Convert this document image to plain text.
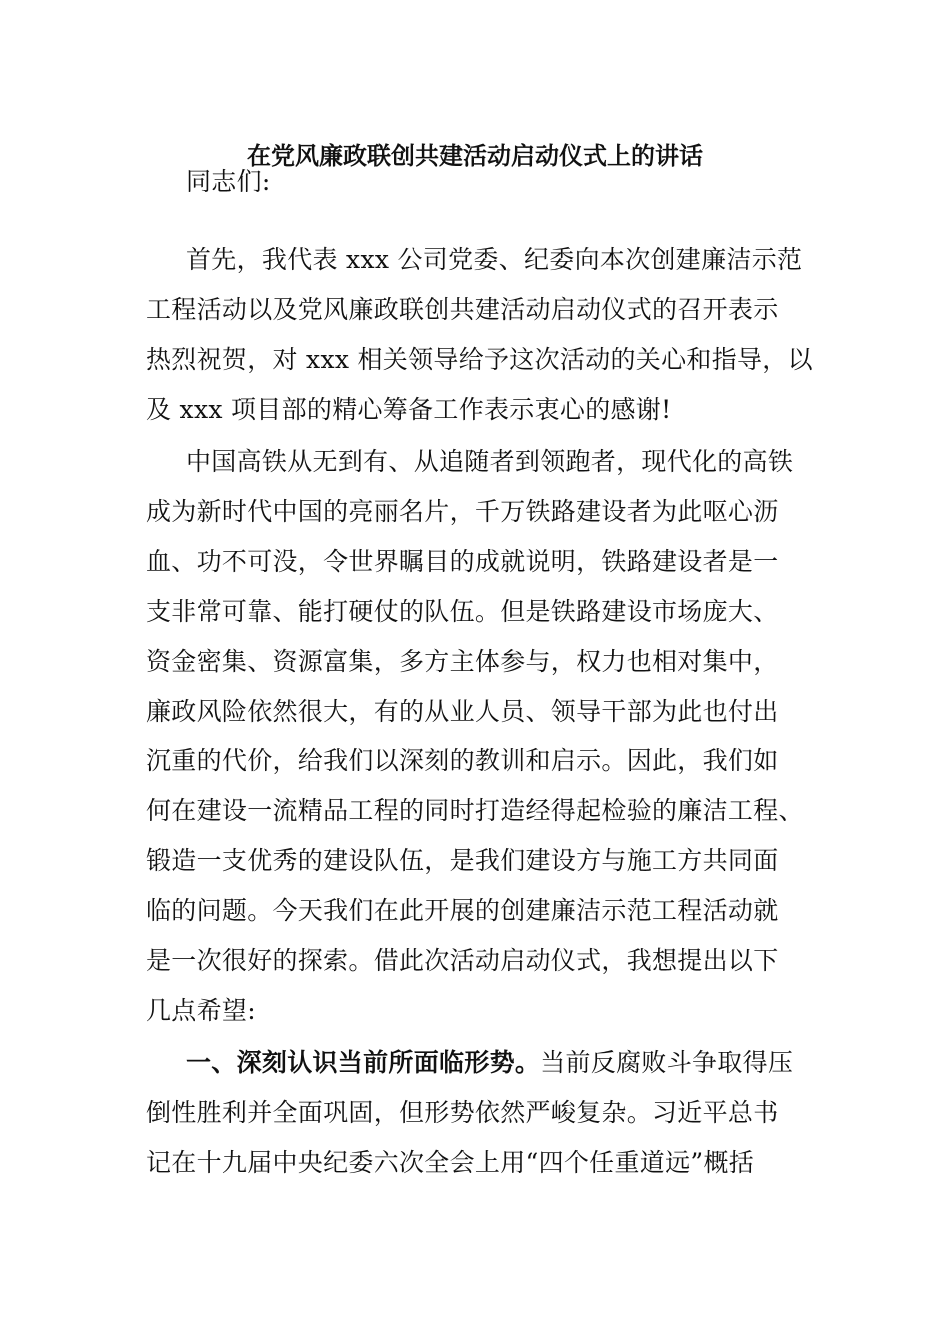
在党风廉政联创共建活动启动仪式上的讲话
同志们:
首先，我代表 xxx 公司党委、纪委向本次创建廉洁示范
工程活动以及党风廉政联创共建活动启动仪式的召开表示
热烈祝贺，对 xxx 相关领导给予这次活动的关心和指导，以
及 xxx 项目部的精心筹备工作表示衷心的感谢!
中国高铁从无到有、从追随者到领跑者，现代化的高铁
成为新时代中国的亮丽名片，千万铁路建设者为此呕心沥
血、功不可没，令世界瞩目的成就说明，铁路建设者是一
支非常可靠、能打硬仗的队伍。但是铁路建设市场庞大、
资金密集、资源富集，多方主体参与，权力也相对集中，
廉政风险依然很大，有的从业人员、领导干部为此也付出
沉重的代价，给我们以深刻的教训和启示。因此，我们如
何在建设一流精品工程的同时打造经得起检验的廉洁工程、
锻造一支优秀的建设队伍，是我们建设方与施工方共同面
临的问题。今天我们在此开展的创建廉洁示范工程活动就
是一次很好的探索。借此次活动启动仪式，我想提出以下
几点希望:
一、深刻认识当前所面临形势。当前反腐败斗争取得压
倒性胜利并全面巩固，但形势依然严峻复杂。习近平总书
记在十九届中央纪委六次全会上用“四个任重道远”概括
